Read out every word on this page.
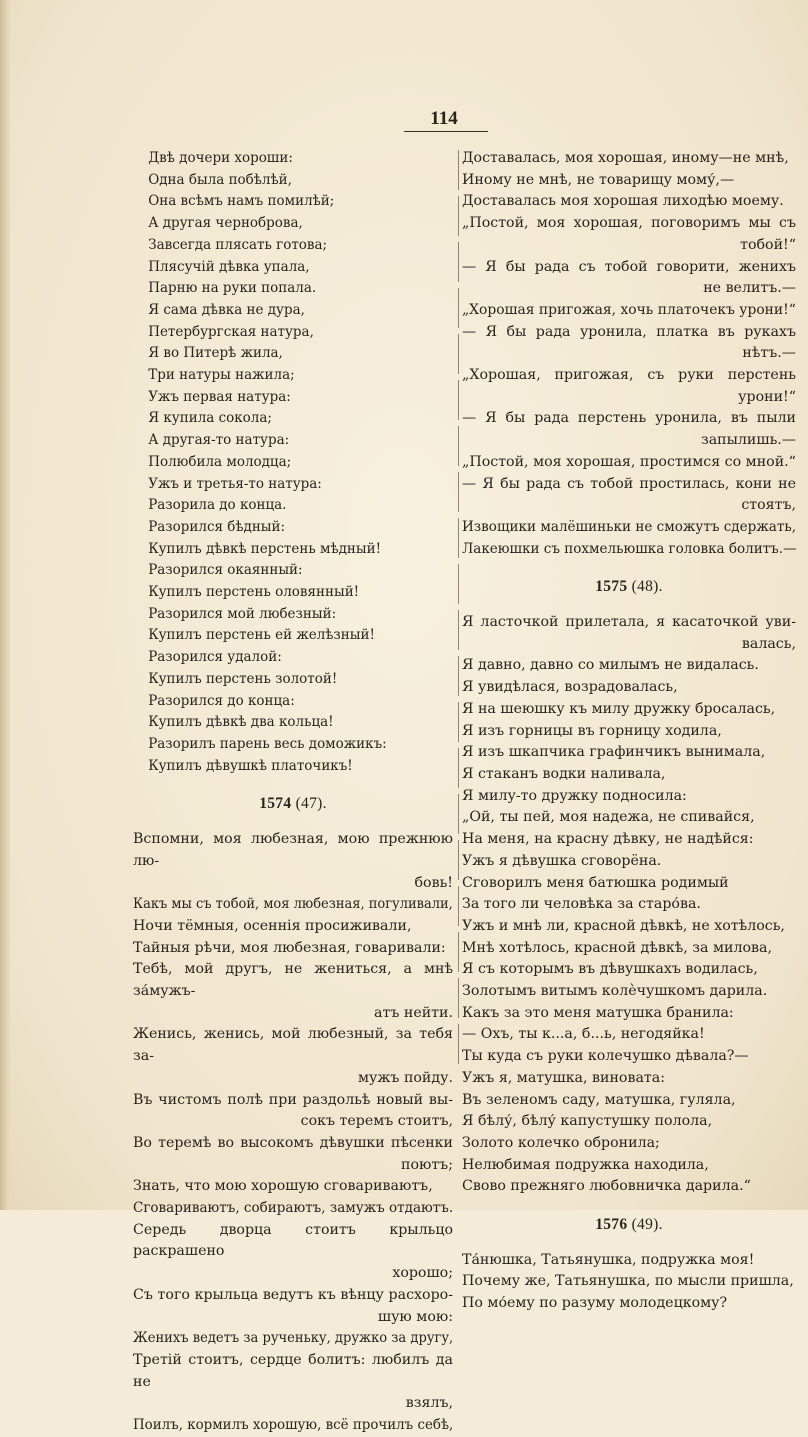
114
Двѣ дочери хороши:
Одна была побѣлѣй,
Она всѣмъ намъ помилѣй;
А другая черноброва,
Завсегда плясать готова;
Плясучій дѣвка упала,
Парню на руки попала.
Я сама дѣвка не дура,
Петербургская натура,
Я во Питерѣ жила,
Три натуры нажила;
Ужъ первая натура:
Я купила сокола;
А другая-то натура:
Полюбила молодца;
Ужъ и третья-то натура:
Разорила до конца.
Разорился бѣдный:
Купилъ дѣвкѣ перстень мѣдный!
Разорился окаянный:
Купилъ перстень оловянный!
Разорился мой любезный:
Купилъ перстень ей желѣзный!
Разорился удалой:
Купилъ перстень золотой!
Разорился до конца:
Купилъ дѣвкѣ два кольца!
Разорилъ парень весь доможикъ:
Купилъ дѣвушкѣ платочикъ!
1574 (47).
Вспомни, моя любезная, мою прежнюю лю-
бовь!
Какъ мы съ тобой, моя любезная, погуливали,
Ночи тёмныя, осеннія просиживали,
Тайныя рѣчи, моя любезная, говаривали:
Тебѣ, мой другъ, не жениться, а мнѣ за́мужъ-
атъ нейти.
Женись, женись, мой любезный, за тебя за-
мужъ пойду.
Въ чистомъ полѣ при раздольѣ новый вы-
сокъ теремъ стоитъ,
Во теремѣ во высокомъ дѣвушки пѣсенки
поютъ;
Знать, что мою хорошую сговариваютъ,
Сговариваютъ, собираютъ, замужъ отдаютъ.
Середь дворца стоитъ крыльцо раскрашено
хорошо;
Съ того крыльца ведутъ къ вѣнцу расхоро-
шую мою:
Женихъ ведетъ за рученьку, дружко за другу,
Третій стоитъ, сердце болитъ: любилъ да не
взялъ,
Поилъ, кормилъ хорошую, всё прочилъ себѣ,
Доставалась, моя хорошая, иному—не мнѣ,
Иному не мнѣ, не товарищу мому́,—
Доставалась моя хорошая лиходѣю моему.
„Постой, моя хорошая, поговоримъ мы съ
тобой!“
— Я бы рада съ тобой говорити, женихъ
не велитъ.—
„Хорошая пригожая, хочь платочекъ урони!“
— Я бы рада уронила, платка въ рукахъ
нѣтъ.—
„Хорошая, пригожая, съ руки перстень
урони!“
— Я бы рада перстень уронила, въ пыли
запылишь.—
„Постой, моя хорошая, простимся со мной.“
— Я бы рада съ тобой простилась, кони не
стоятъ,
Извощики малёшиньки не сможутъ сдержать,
Лакеюшки съ похмельюшка головка болитъ.—
1575 (48).
Я ласточкой прилетала, я касаточкой уви-
валась,
Я давно, давно со милымъ не видалась.
Я увидѣлася, возрадовалась,
Я на шеюшку къ милу дружку бросалась,
Я изъ горницы въ горницу ходила,
Я изъ шкапчика графинчикъ вынимала,
Я стаканъ водки наливала,
Я милу-то дружку подносила:
„Ой, ты пей, моя надежа, не спивайся,
На меня, на красну дѣвку, не надѣйся:
Ужъ я дѣвушка сговорёна.
Сговорилъ меня батюшка родимый
За того ли человѣка за старо́ва.
Ужъ и мнѣ ли, красной дѣвкѣ, не хотѣлось,
Мнѣ хотѣлось, красной дѣвкѣ, за милова,
Я съ которымъ въ дѣвушкахъ водилась,
Золотымъ витымъ колѐчушкомъ дарила.
Какъ за это меня матушка бранила:
— Охъ, ты к...а, б...ь, негодяйка!
Ты куда съ руки колечушко дѣвала?—
Ужъ я, матушка, виновата:
Въ зеленомъ саду, матушка, гуляла,
Я бѣлу́, бѣлу́ капустушку полола,
Золото колечко обронила;
Нелюбимая подружка находила,
Свово прежняго любовничка дарила.“
1576 (49).
Та́нюшка, Татьянушка, подружка моя!
Почему же, Татьянушка, по мысли пришла,
По мо́ему по разуму молодецкому?
